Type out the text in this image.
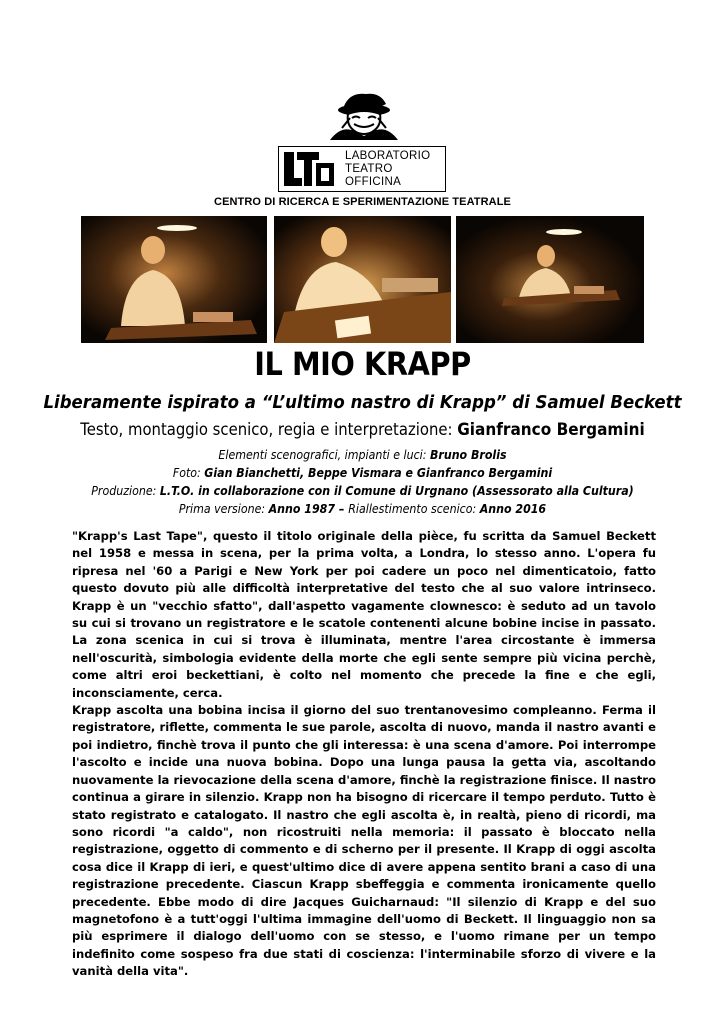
LABORATORIO
TEATRO
OFFICINA
CENTRO DI RICERCA E SPERIMENTAZIONE TEATRALE
IL MIO KRAPP
Liberamente ispirato a “L’ultimo nastro di Krapp” di Samuel Beckett
Testo, montaggio scenico, regia e interpretazione: Gianfranco Bergamini
Elementi scenograf​ici, impianti e luci: Bruno Brolis
Foto: Gian Bianchetti, Beppe Vismara e Gianfranco Bergamini
Produzione: L.T.O. in collaborazione con il Comune di Urgnano (Assessorato alla Cultura)
Prima versione: Anno 1987 – Riallestimento scenico: Anno 2016

"Krapp's Last Tape", questo il titolo originale della pièce, fu scritta da Samuel Beckett nel 1958 e messa in scena, per la prima volta, a Londra, lo stesso anno. L'opera fu ripresa nel '60 a Parigi e New York per poi cadere un poco nel dimenticatoio, fatto questo dovuto più alle difficoltà interpretative del testo che al suo valore intrinseco. Krapp è un "vecchio sfatto", dall'aspetto vagamente clownesco: è seduto ad un tavolo su cui si trovano un registratore e le scatole contenenti alcune bobine incise in passato. La zona scenica in cui si trova è illuminata, mentre l'area circostante è immersa nell'oscurità, simbologia evidente della morte che egli sente sempre più vicina perchè, come altri eroi beckettiani, è colto nel momento che precede la fine e che egli, inconsciamente, cerca.

Krapp ascolta una bobina incisa il giorno del suo trentanovesimo compleanno. Ferma il registratore, riflette, commenta le sue parole, ascolta di nuovo, manda il nastro avanti e poi indietro, finchè trova il punto che gli interessa: è una scena d'amore. Poi interrompe l'ascolto e incide una nuova bobina. Dopo una lunga pausa la getta via, ascoltando nuovamente la rievocazione della scena d'amore, finchè la registrazione finisce. Il nastro continua a girare in silenzio. Krapp non ha bisogno di ricercare il tempo perduto. Tutto è stato registrato e catalogato. Il nastro che egli ascolta è, in realtà, pieno di ricordi, ma sono ricordi "a caldo", non ricostruiti nella memoria: il passato è bloccato nella registrazione, oggetto di commento e di scherno per il presente. Il Krapp di oggi ascolta cosa dice il Krapp di ieri, e quest'ultimo dice di avere appena sentito brani a caso di una registrazione precedente. Ciascun Krapp sbeffeggia e commenta ironicamente quello precedente. Ebbe modo di dire Jacques Guicharnaud: "Il silenzio di Krapp e del suo magnetofono è a tutt'oggi l'ultima immagine dell'uomo di Beckett. Il linguaggio non sa più esprimere il dialogo dell'uomo con se stesso, e l'uomo rimane per un tempo indefinito come sospeso fra due stati di coscienza: l'interminabile sforzo di vivere e la vanità della vita".
